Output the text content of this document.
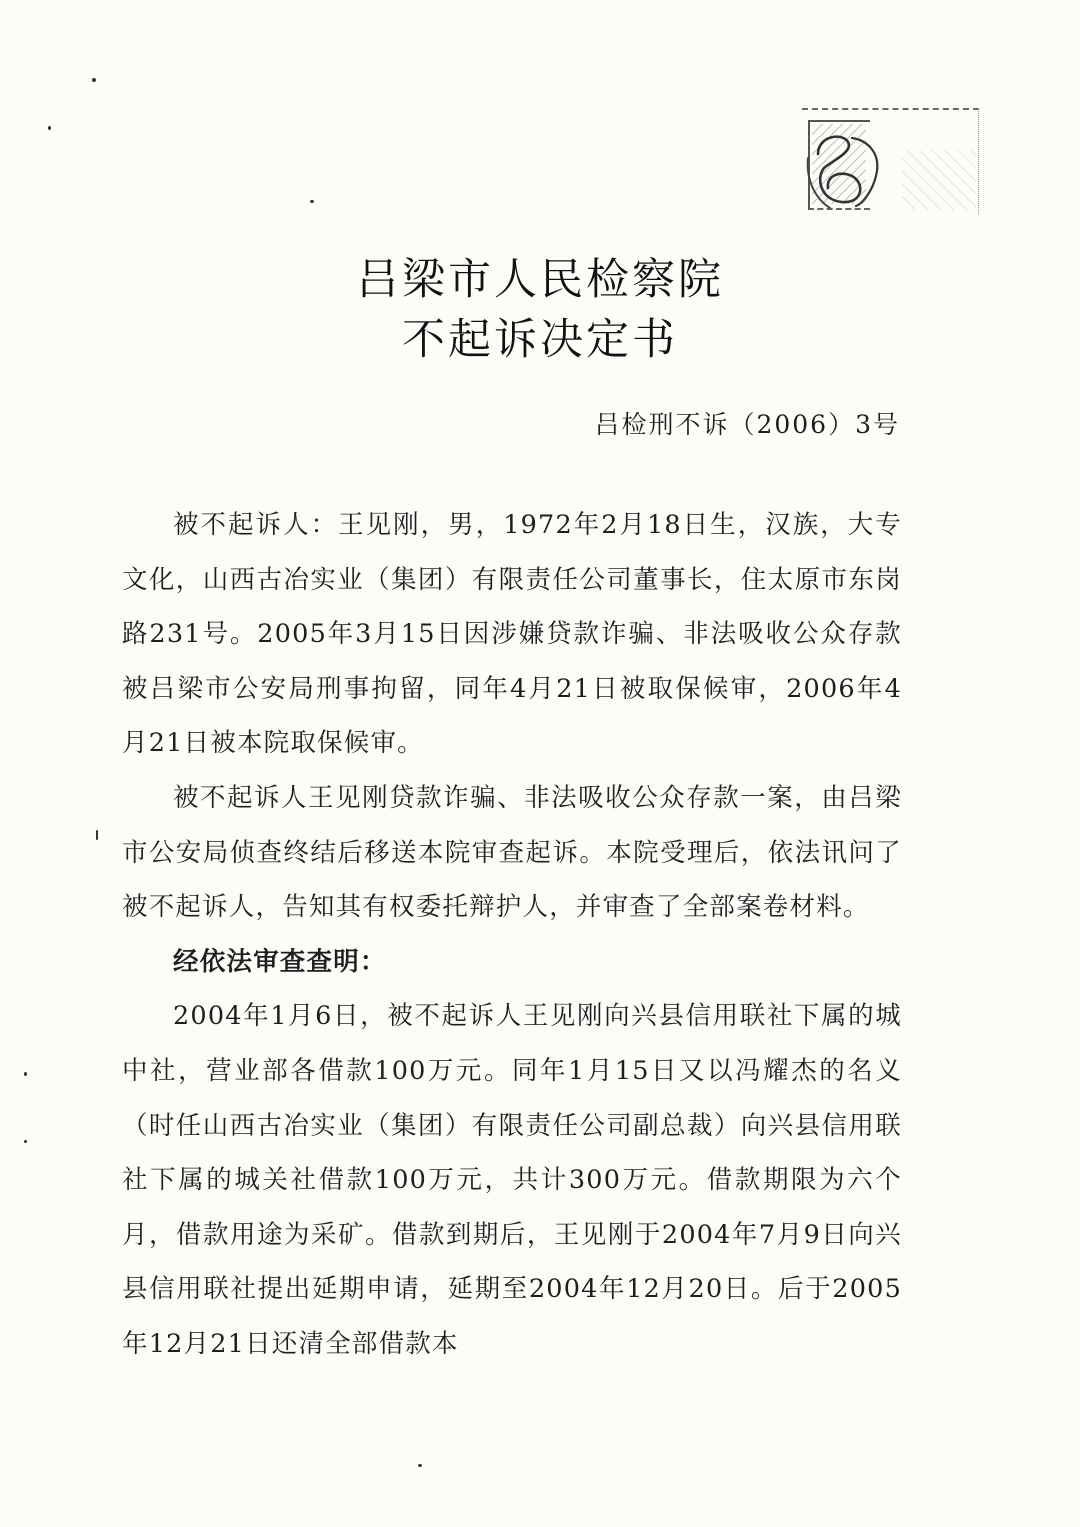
吕梁市人民检察院
不起诉决定书
吕检刑不诉（2006）3号

被不起诉人：王见刚，男，1972年2月18日生，汉族，大专文化，山西古冶实业（集团）有限责任公司董事长，住太原市东岗路231号。2005年3月15日因涉嫌贷款诈骗、非法吸收公众存款被吕梁市公安局刑事拘留，同年4月21日被取保候审，2006年4月21日被本院取保候审。

被不起诉人王见刚贷款诈骗、非法吸收公众存款一案，由吕梁市公安局侦查终结后移送本院审查起诉。本院受理后，依法讯问了被不起诉人，告知其有权委托辩护人，并审查了全部案卷材料。

经依法审查查明：

2004年1月6日，被不起诉人王见刚向兴县信用联社下属的城中社，营业部各借款100万元。同年1月15日又以冯耀杰的名义（时任山西古冶实业（集团）有限责任公司副总裁）向兴县信用联社下属的城关社借款100万元，共计300万元。借款期限为六个月，借款用途为采矿。借款到期后，王见刚于2004年7月9日向兴县信用联社提出延期申请，延期至2004年12月20日。后于2005年12月21日还清全部借款本
